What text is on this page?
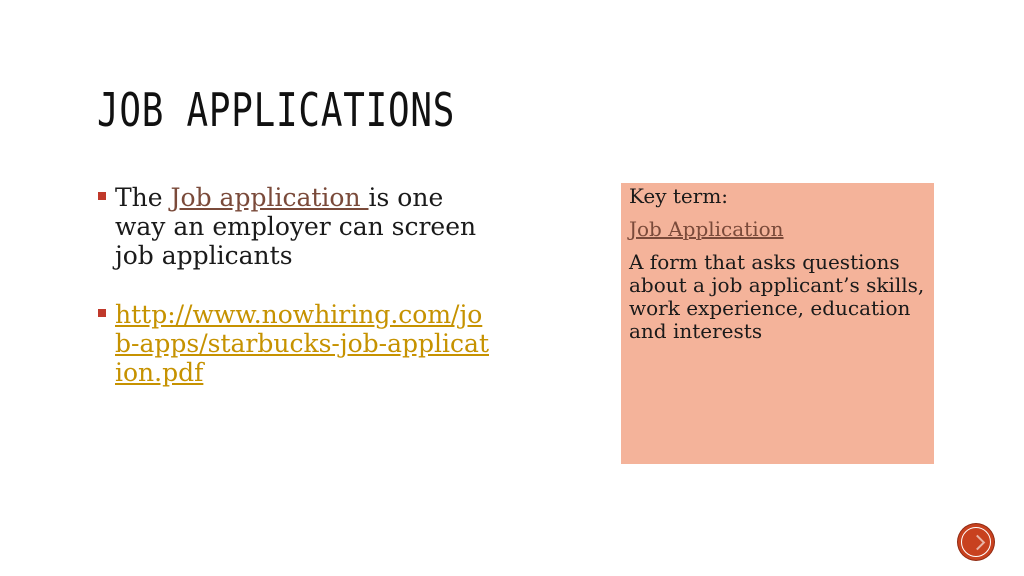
JOB APPLICATIONS
The Job application is one way an employer can screen job applicants
http://www.nowhiring.com/job-apps/starbucks-job-application.pdf

Key term:

Job Application

A form that asks questions about a job applicant’s skills, work experience, education and interests
